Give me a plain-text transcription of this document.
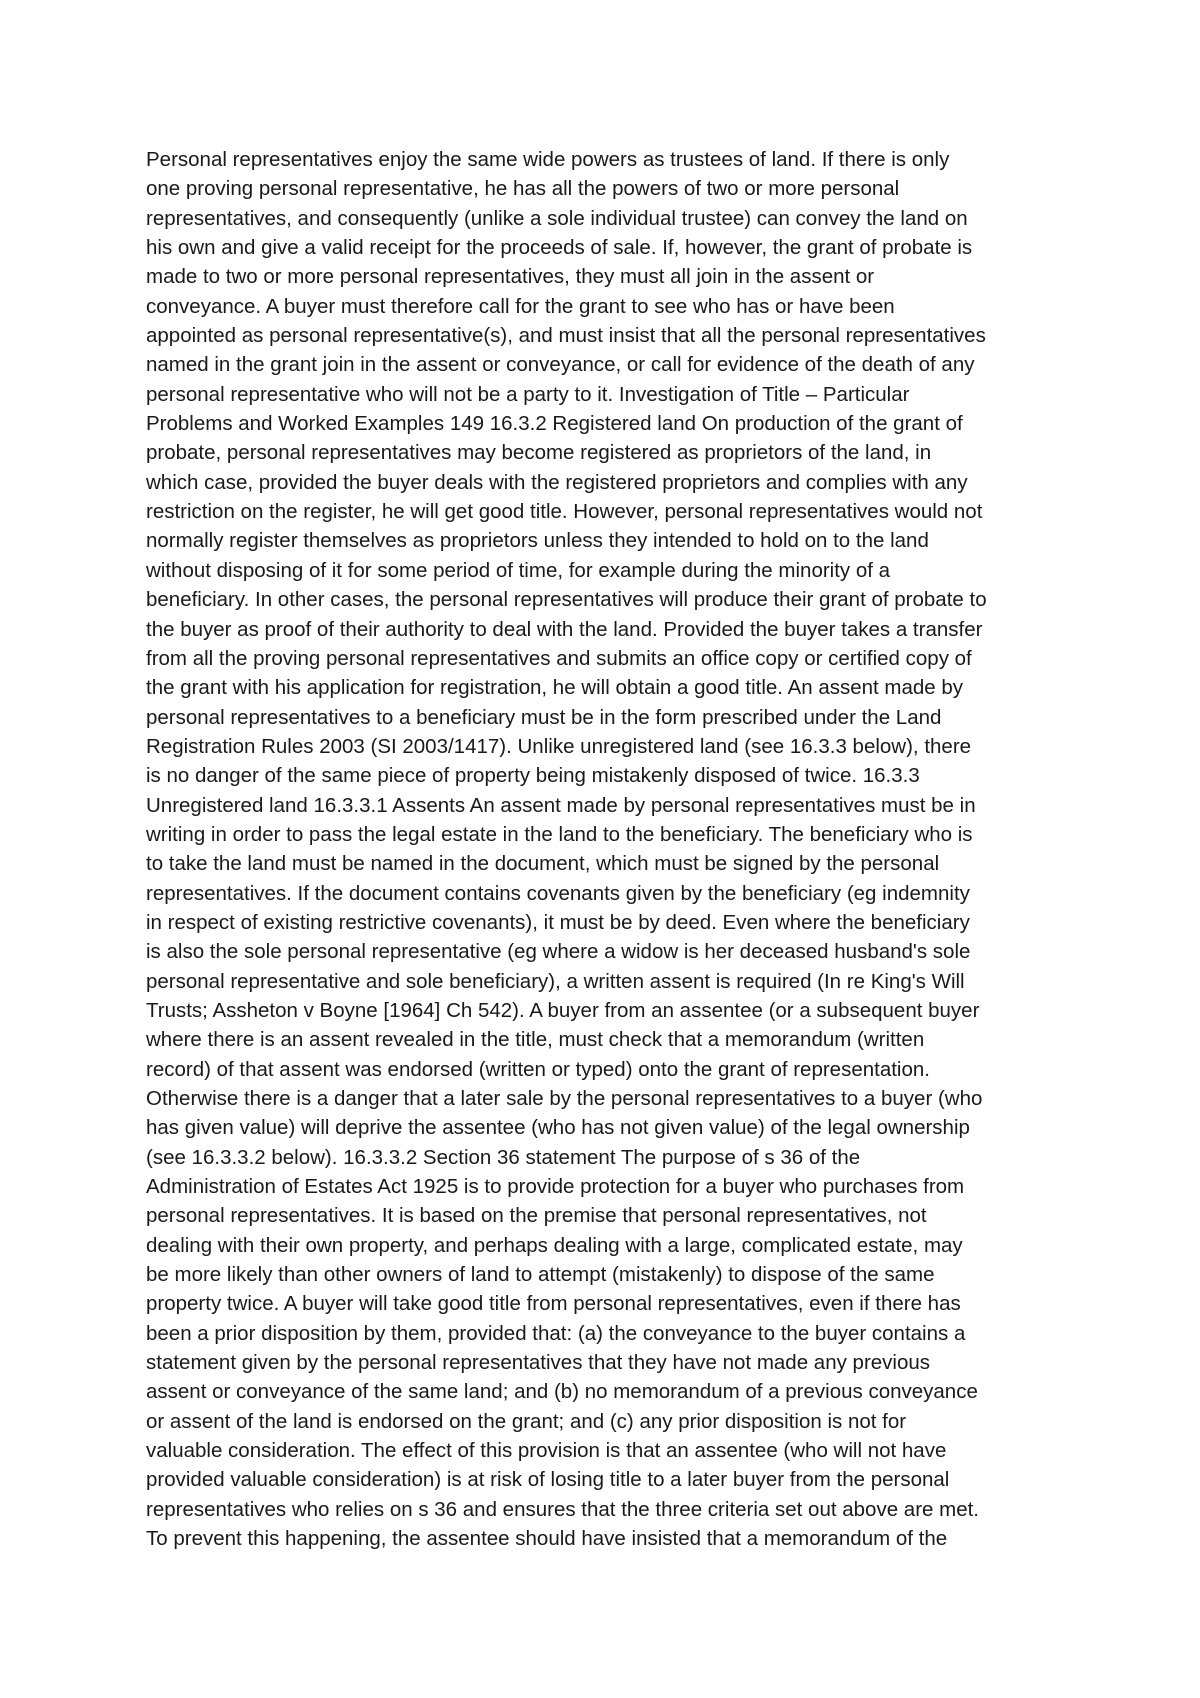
Personal representatives enjoy the same wide powers as trustees of land. If there is only
one proving personal representative, he has all the powers of two or more personal
representatives, and consequently (unlike a sole individual trustee) can convey the land on
his own and give a valid receipt for the proceeds of sale. If, however, the grant of probate is
made to two or more personal representatives, they must all join in the assent or
conveyance. A buyer must therefore call for the grant to see who has or have been
appointed as personal representative(s), and must insist that all the personal representatives
named in the grant join in the assent or conveyance, or call for evidence of the death of any
personal representative who will not be a party to it. Investigation of Title – Particular
Problems and Worked Examples 149 16.3.2 Registered land On production of the grant of
probate, personal representatives may become registered as proprietors of the land, in
which case, provided the buyer deals with the registered proprietors and complies with any
restriction on the register, he will get good title. However, personal representatives would not
normally register themselves as proprietors unless they intended to hold on to the land
without disposing of it for some period of time, for example during the minority of a
beneficiary. In other cases, the personal representatives will produce their grant of probate to
the buyer as proof of their authority to deal with the land. Provided the buyer takes a transfer
from all the proving personal representatives and submits an office copy or certified copy of
the grant with his application for registration, he will obtain a good title. An assent made by
personal representatives to a beneficiary must be in the form prescribed under the Land
Registration Rules 2003 (SI 2003/1417). Unlike unregistered land (see 16.3.3 below), there
is no danger of the same piece of property being mistakenly disposed of twice. 16.3.3
Unregistered land 16.3.3.1 Assents An assent made by personal representatives must be in
writing in order to pass the legal estate in the land to the beneficiary. The beneficiary who is
to take the land must be named in the document, which must be signed by the personal
representatives. If the document contains covenants given by the beneficiary (eg indemnity
in respect of existing restrictive covenants), it must be by deed. Even where the beneficiary
is also the sole personal representative (eg where a widow is her deceased husband's sole
personal representative and sole beneficiary), a written assent is required (In re King's Will
Trusts; Assheton v Boyne [1964] Ch 542). A buyer from an assentee (or a subsequent buyer
where there is an assent revealed in the title, must check that a memorandum (written
record) of that assent was endorsed (written or typed) onto the grant of representation.
Otherwise there is a danger that a later sale by the personal representatives to a buyer (who
has given value) will deprive the assentee (who has not given value) of the legal ownership
(see 16.3.3.2 below). 16.3.3.2 Section 36 statement The purpose of s 36 of the
Administration of Estates Act 1925 is to provide protection for a buyer who purchases from
personal representatives. It is based on the premise that personal representatives, not
dealing with their own property, and perhaps dealing with a large, complicated estate, may
be more likely than other owners of land to attempt (mistakenly) to dispose of the same
property twice. A buyer will take good title from personal representatives, even if there has
been a prior disposition by them, provided that: (a) the conveyance to the buyer contains a
statement given by the personal representatives that they have not made any previous
assent or conveyance of the same land; and (b) no memorandum of a previous conveyance
or assent of the land is endorsed on the grant; and (c) any prior disposition is not for
valuable consideration. The effect of this provision is that an assentee (who will not have
provided valuable consideration) is at risk of losing title to a later buyer from the personal
representatives who relies on s 36 and ensures that the three criteria set out above are met.
To prevent this happening, the assentee should have insisted that a memorandum of the
